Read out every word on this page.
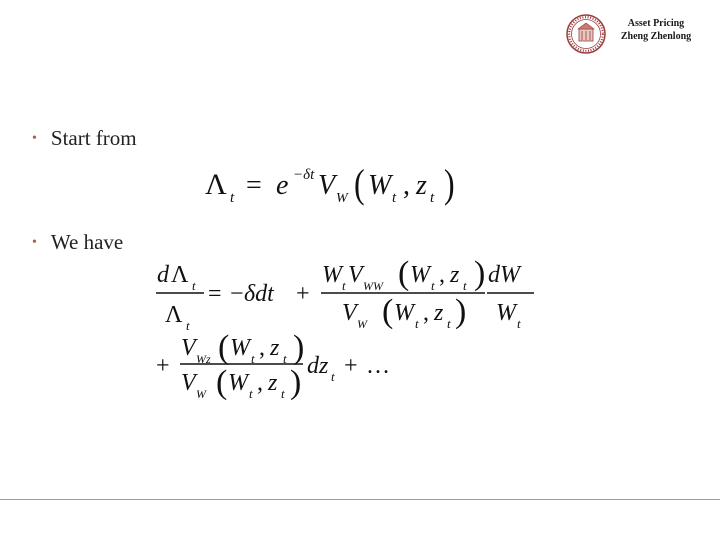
Asset Pricing
Zheng Zhenlong
• Start from
• We have
Λ t = e −δt V W ( W t , z t )
d Λ t
Λ t
= − δdt +
W t V WW ( W t , z t )
V W ( W t , z t )
dW
W t
+
V Wz ( W t , z t )
V W ( W t , z t ) dz t + …
